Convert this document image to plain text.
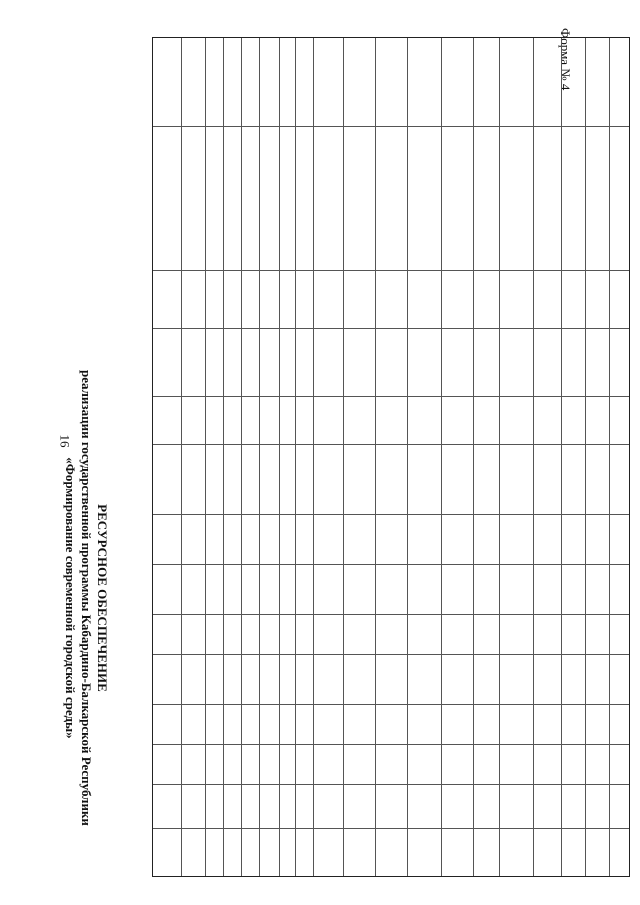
16
Форма № 4
РЕСУРСНОЕ ОБЕСПЕЧЕНИЕ
реализации государственной программы Кабардино-Балкарской Республики
«Формирование современной городской среды»
